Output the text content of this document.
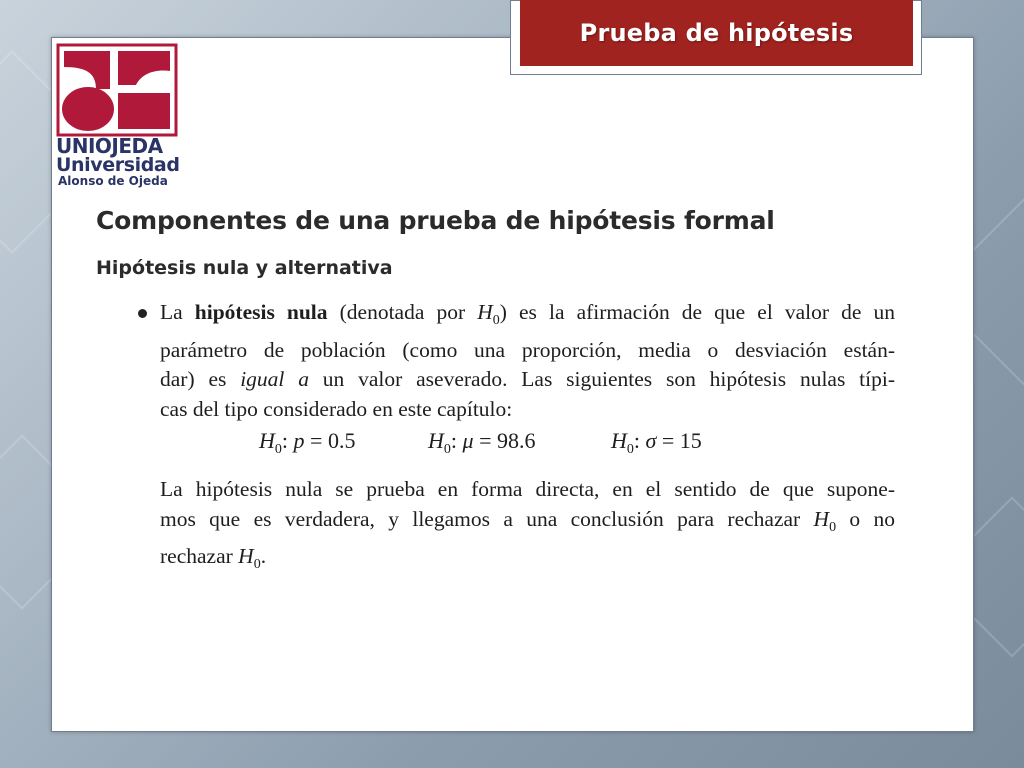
Prueba de hipótesis
UNIOJEDA
Universidad
Alonso de Ojeda
Componentes de una prueba de hipótesis formal
Hipótesis nula y alternativa
La hipótesis nula (denotada por $H_0$) es la afirmación de que el valor de un
parámetro de población (como una proporción, media o desviación están-
dar) es igual a un valor aseverado. Las siguientes son hipótesis nulas típi-
cas del tipo considerado en este capítulo:
$H_0$: p = 0.5	$H_0$: μ = 98.6	$H_0$: σ = 15
La hipótesis nula se prueba en forma directa, en el sentido de que supone-
mos que es verdadera, y llegamos a una conclusión para rechazar $H_0$ o no
rechazar $H_0$.
